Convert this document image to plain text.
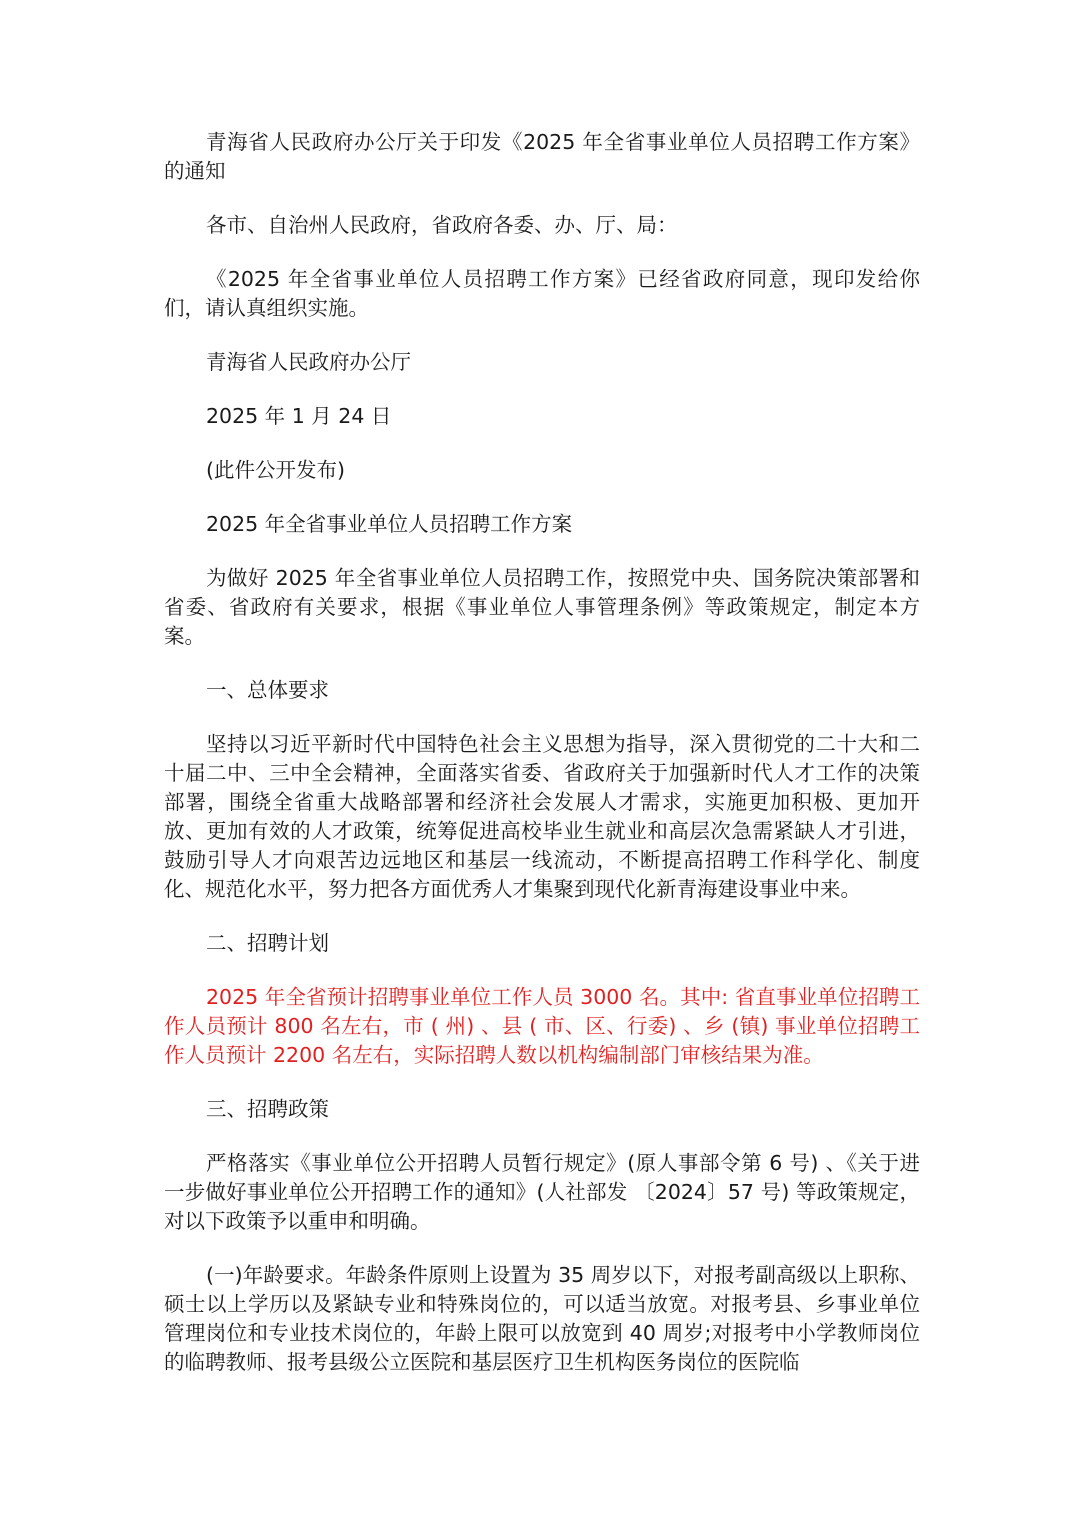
青海省人民政府办公厅关于印发《2025 年全省事业单位人员招聘工作方案》的通知

各市、自治州人民政府，省政府各委、办、厅、局：

《2025 年全省事业单位人员招聘工作方案》已经省政府同意，现印发给你们，请认真组织实施。

青海省人民政府办公厅

2025 年 1 月 24 日

(此件公开发布)

2025 年全省事业单位人员招聘工作方案

为做好 2025 年全省事业单位人员招聘工作，按照党中央、国务院决策部署和省委、省政府有关要求，根据《事业单位人事管理条例》等政策规定，制定本方案。

一、总体要求

坚持以习近平新时代中国特色社会主义思想为指导，深入贯彻党的二十大和二十届二中、三中全会精神，全面落实省委、省政府关于加强新时代人才工作的决策部署，围绕全省重大战略部署和经济社会发展人才需求，实施更加积极、更加开放、更加有效的人才政策，统筹促进高校毕业生就业和高层次急需紧缺人才引进，鼓励引导人才向艰苦边远地区和基层一线流动，不断提高招聘工作科学化、制度化、规范化水平，努力把各方面优秀人才集聚到现代化新青海建设事业中来。

二、招聘计划

2025 年全省预计招聘事业单位工作人员 3000 名。其中: 省直事业单位招聘工作人员预计 800 名左右，市 ( 州) 、县 ( 市、区、行委) 、乡 (镇) 事业单位招聘工作人员预计 2200 名左右，实际招聘人数以机构编制部门审核结果为准。

三、招聘政策

严格落实《事业单位公开招聘人员暂行规定》(原人事部令第 6 号) 、《关于进一步做好事业单位公开招聘工作的通知》(人社部发 〔2024〕57 号) 等政策规定，对以下政策予以重申和明确。

(一)年龄要求。年龄条件原则上设置为 35 周岁以下，对报考副高级以上职称、硕士以上学历以及紧缺专业和特殊岗位的，可以适当放宽。对报考县、乡事业单位管理岗位和专业技术岗位的，年龄上限可以放宽到 40 周岁;对报考中小学教师岗位的临聘教师、报考县级公立医院和基层医疗卫生机构医务岗位的医院临
